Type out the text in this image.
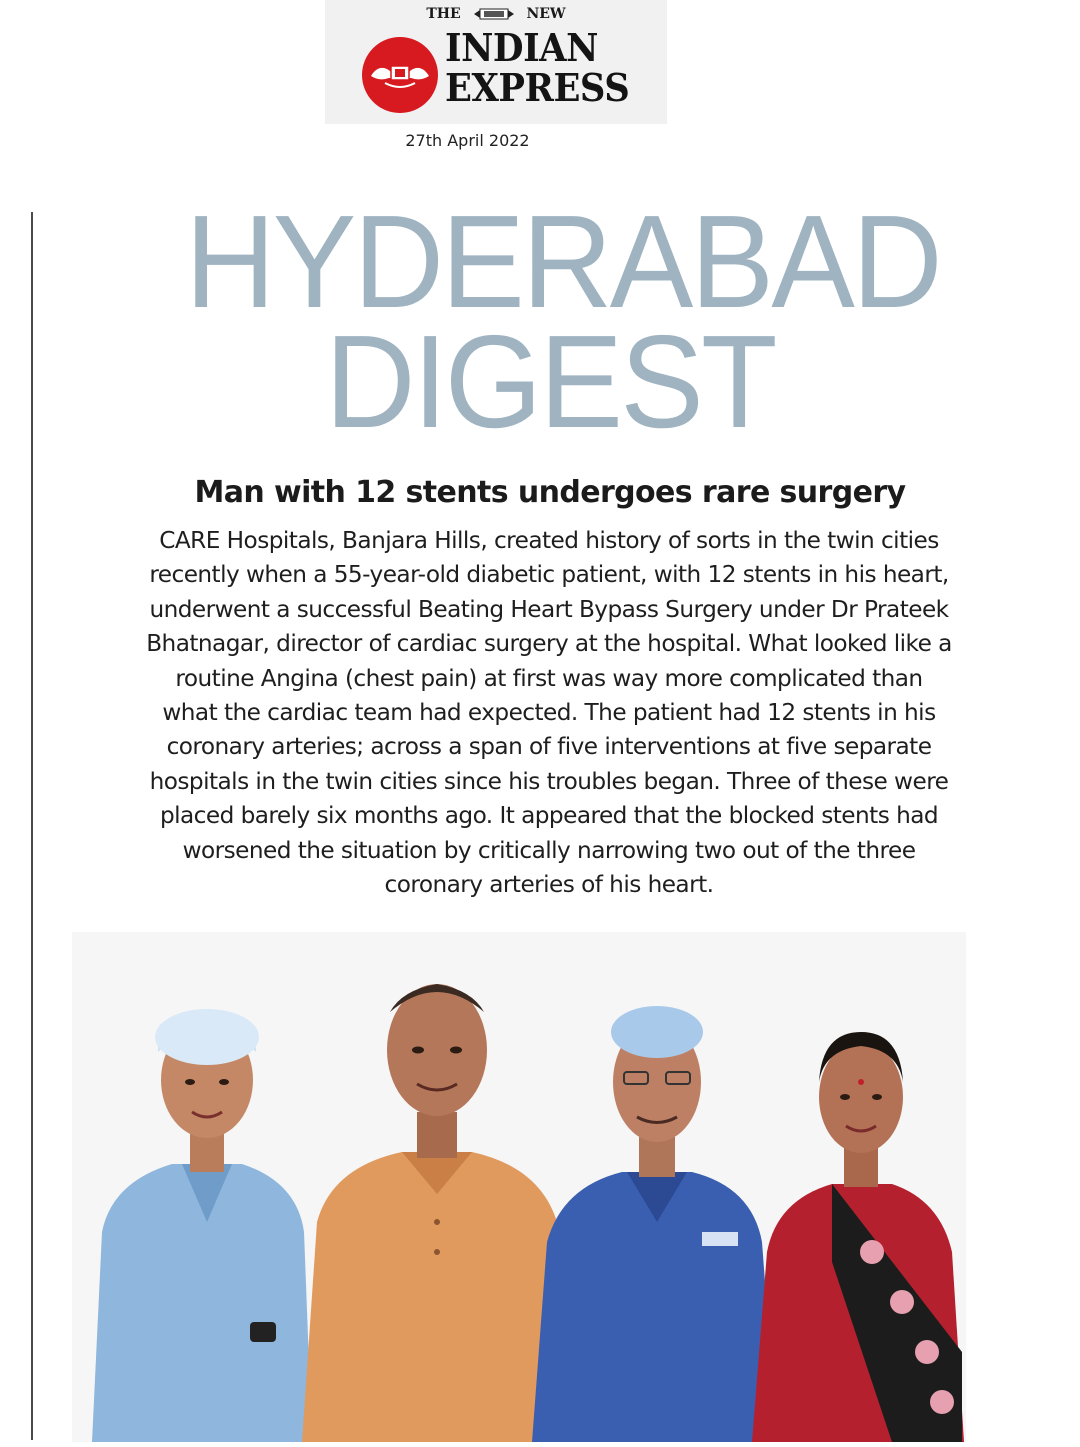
THE	NEW
INDIAN
EXPRESS
27th April 2022
HYDERABAD
DIGEST
Man with 12 stents undergoes rare surgery
CARE Hospitals, Banjara Hills, created history of sorts in the twin cities
recently when a 55-year-old diabetic patient, with 12 stents in his heart,
underwent a successful Beating Heart Bypass Surgery under Dr Prateek
Bhatnagar, director of cardiac surgery at the hospital. What looked like a
routine Angina (chest pain) at first was way more complicated than
what the cardiac team had expected. The patient had 12 stents in his
coronary arteries; across a span of five interventions at five separate
hospitals in the twin cities since his troubles began. Three of these were
placed barely six months ago. It appeared that the blocked stents had
worsened the situation by critically narrowing two out of the three
coronary arteries of his heart.
